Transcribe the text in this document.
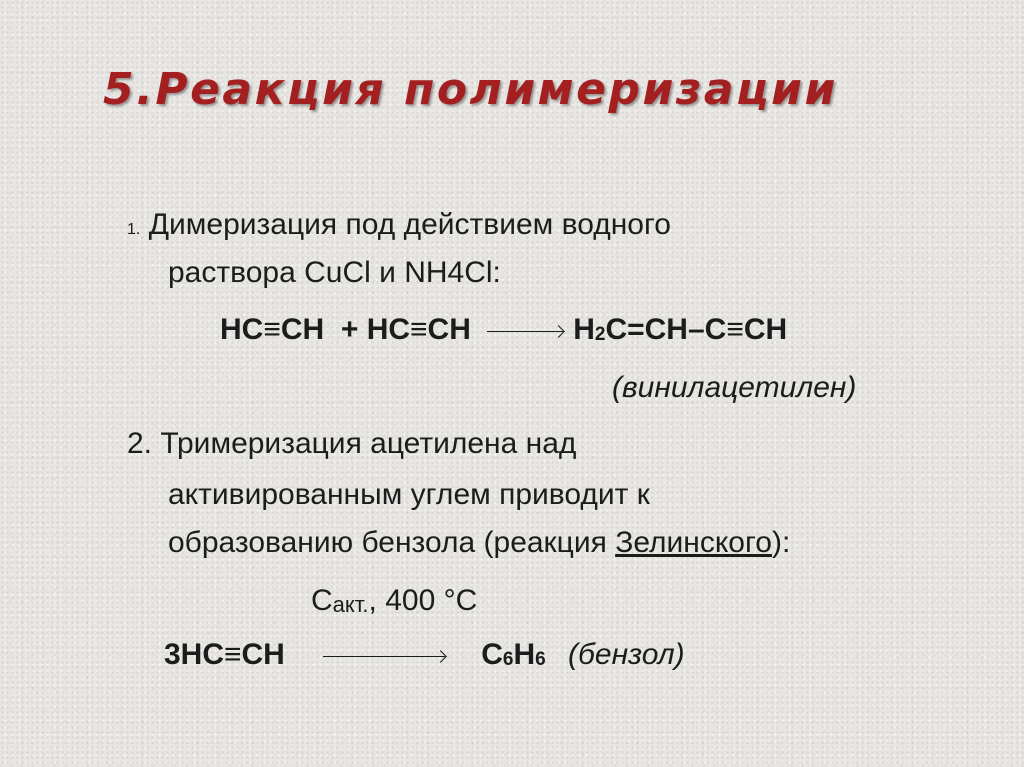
5.Реакция полимеризации
1. Димеризация под действием водного
раствора CuCl и NH4Cl:
HC≡CH  + HC≡CH	H2C=CH–C≡CH
(винилацетилен)
2. Тримеризация ацетилена над
активированным углем приводит к
образованию бензола (реакция Зелинского):
Cакт., 400 °C
3HC≡CH	C6H6 (бензол)
